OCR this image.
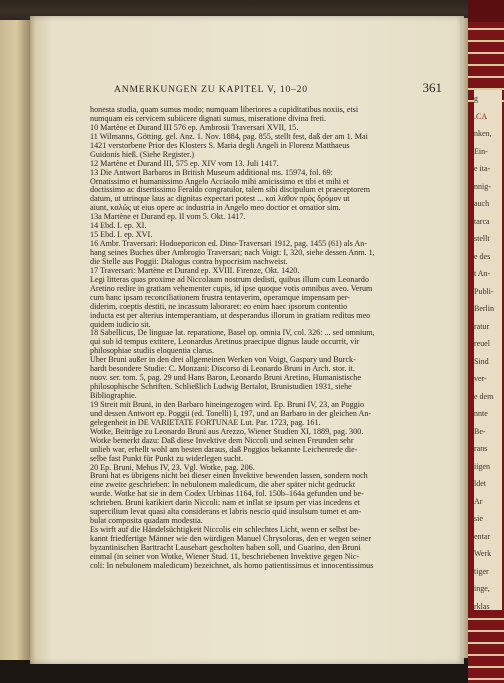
ANMERKUNGEN ZU KAPITEL V, 10–20	361
honesta studia, quam sumus modo; numquam liberiores a cupiditatibus noxiis, etsi
numquam eis cervicem subiicere dignati sumus, miseratione divina freti.
10 Martène et Durand III 576 ep. Ambrosii Traversari XVII, 15.
11 Wilmanns, Götting. gel. Anz. 1. Nov. 1884, pag. 855, stellt fest, daß der am 1. Mai
1421 verstorbene Prior des Klosters S. Maria degli Angeli in Florenz Matthaeus
Guidonis hieß. (Siehe Register.)
12 Martène et Durand III, 575 ep. XIV vom 13. Juli 1417.
13 Die Antwort Barbaros in British Museum additional ms. 15974, fol. 69:
Ornatissimo et humanissimo Angelo Acciaolo mihi amicissimo et tibi et mihi et
doctissimo ac disertissimo Feraldo congratulor, talem sibi discipulum et praeceptorem
datum, ut utrinque laus ac dignitas expectari potest ... καὶ λάθον πρὸς δρόμον ut
aiunt, καλῶς ut eius opere ac industria in Angelo meo doctior et ornatior sim.
13a Martène et Durand ep. II vom 5. Okt. 1417.
14 Ebd. I. ep. XI.
15 Ebd. I. ep. XVI.
16 Ambr. Traversari: Hodoeporicon ed. Dino-Traversari 1912, pag. 1455 (61) als An-
hang seines Buches über Ambrogio Traversari; nach Voigt: I, 320, siehe dessen Anm. 1,
die Stelle aus Poggii: Dialogus contra hypocrisim nachweist.
17 Traversari: Martène et Durand ep. XVIII. Firenze, Okt. 1420.
Legi litteras quas proxime ad Niccolaum nostrum dedisti, quibus illum cum Leonardo
Aretino redire in gratiam vehementer cupis, id ipse quoque votis omnibus aveo. Verum
cum hanc ipsam reconciliationem frustra tentaverim, operamque impensam per-
diderim, coeptis destiti, ne incassum laboraret: eo enim haec ipsorum contentio
inducta est per alterius intemperantiam, ut desperandus illorum in gratiam reditus meo
quidem iudicio sit.
18 Sabellicus, De linguae lat. reparatione, Basel op. omnia IV, col. 326: ... sed omnium,
qui sub id tempus extitere, Leonardus Aretinus praecipue dignus laude occurrit, vir
philosophiae studiis eloquentia clarus.
Über Bruni außer in den drei allgemeinen Werken von Voigt, Gaspary und Burck-
hardt besondere Studie: C. Monzani: Discorso di Leonardo Bruni in Arch. stor. it.
nuov. ser. tom. 5, pag. 29 und Hans Baron, Leonardo Bruni Aretino, Humanistische
philosophische Schriften. Schließlich Ludwig Bertalot, Brunistudien 1931, siehe
Bibliographie.
19 Streit mit Bruni, in den Barbaro hineingezogen wird. Ep. Bruni IV, 23, an Poggio
und dessen Antwort ep. Poggii (ed. Tonelli) I, 197, und an Barbaro in der gleichen An-
gelegenheit in DE VARIETATE FORTUNAE Lut. Par. 1723, pag. 161.
Wotke, Beiträge zu Leonardo Bruni aus Arezzo, Wiener Studien XI, 1889, pag. 300.
Wotke bemerkt dazu: Daß diese Invektive dem Niccoli und seinen Freunden sehr
unlieb war, erhellt wohl am besten daraus, daß Poggios bekannte Leichenrede die-
selbe fast Punkt für Punkt zu widerlegen sucht.
20 Ep. Bruni, Mehus IV, 23. Vgl. Wotke, pag. 206.
Bruni hat es übrigens nicht bei dieser einen Invektive bewenden lassen, sondern noch
eine zweite geschrieben: In nebulonem maledicum, die aber später nicht gedruckt
wurde. Wotke hat sie in dem Codex Urbinas 1164, fol. 150b–164a gefunden und be-
schrieben. Bruni karikiert darin Niccoli: nam et inflat se ipsum per vias incedens et
supercilium levat quasi alta considerans et labris nescio quid insulsum tumet et am-
bulat composita quadam modestia.
Es wirft auf die Händelsüchtigkeit Niccolis ein schlechtes Licht, wenn er selbst be-
kannt friedfertige Männer wie den würdigen Manuel Chrysoloras, den er wegen seiner
byzantinischen Barttracht Lausebart gescholten haben soll, und Guarino, den Bruni
einmal (in seiner von Wotke, Wiener Stud. 11, beschriebenen Invektive gegen Nic-
coli: In nebulonem maledicum) bezeichnet, als homo patientissimus et innocentissimus
g
.CA
nken,
Ein-
e ita-
nnig-
auch
tarca
stellt
e des
t An-
Publi-
Berlin
ratur
reuel
Sind
ver-
e dem
nnte
Be-
rans
iigen
ldet
Ar
sie
entar
Werk
tiger
inge,
rklas
